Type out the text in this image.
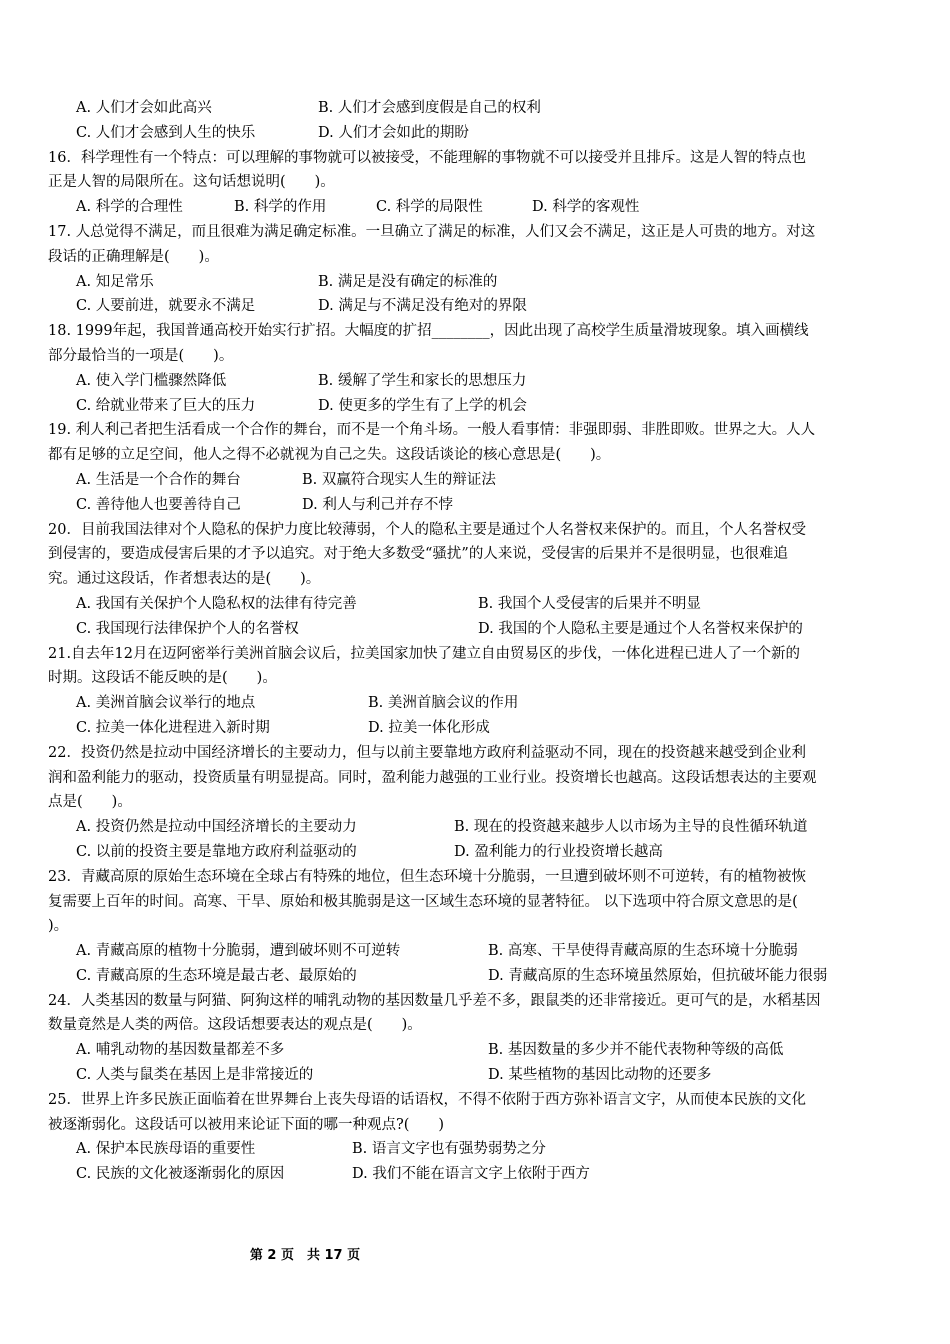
A. 人们才会如此高兴	B. 人们才会感到度假是自己的权利
C. 人们才会感到人生的快乐	D. 人们才会如此的期盼
16．科学理性有一个特点：可以理解的事物就可以被接受，不能理解的事物就不可以接受并且排斥。这是人智的特点也
正是人智的局限所在。这句话想说明(　　)。
A. 科学的合理性	B. 科学的作用	C. 科学的局限性	D. 科学的客观性
17. 人总觉得不满足，而且很难为满足确定标准。一旦确立了满足的标准，人们又会不满足，这正是人可贵的地方。对这
段话的正确理解是(　　)。
A. 知足常乐	B. 满足是没有确定的标准的
C. 人要前进，就要永不满足	D. 满足与不满足没有绝对的界限
18. 1999年起，我国普通高校开始实行扩招。大幅度的扩招________，因此出现了高校学生质量滑坡现象。填入画横线
部分最恰当的一项是(　　)。
A. 使入学门槛骤然降低	B. 缓解了学生和家长的思想压力
C. 给就业带来了巨大的压力	D. 使更多的学生有了上学的机会
19. 利人利己者把生活看成一个合作的舞台，而不是一个角斗场。一般人看事情：非强即弱、非胜即败。世界之大。人人
都有足够的立足空间，他人之得不必就视为自己之失。这段话谈论的核心意思是(　　)。
A. 生活是一个合作的舞台	B. 双赢符合现实人生的辩证法
C. 善待他人也要善待自己	D. 利人与利己并存不悖
20．目前我国法律对个人隐私的保护力度比较薄弱，个人的隐私主要是通过个人名誉权来保护的。而且，个人名誉权受
到侵害的，要造成侵害后果的才予以追究。对于绝大多数受“骚扰”的人来说，受侵害的后果并不是很明显，也很难追
究。通过这段话，作者想表达的是(　　)。
A. 我国有关保护个人隐私权的法律有待完善	B. 我国个人受侵害的后果并不明显
C. 我国现行法律保护个人的名誉权	D. 我国的个人隐私主要是通过个人名誉权来保护的
21.自去年12月在迈阿密举行美洲首脑会议后，拉美国家加快了建立自由贸易区的步伐，一体化进程已进人了一个新的
时期。这段话不能反映的是(　　)。
A. 美洲首脑会议举行的地点	B. 美洲首脑会议的作用
C. 拉美一体化进程进入新时期	D. 拉美一体化形成
22．投资仍然是拉动中国经济增长的主要动力，但与以前主要靠地方政府利益驱动不同，现在的投资越来越受到企业利
润和盈利能力的驱动，投资质量有明显提高。同时，盈利能力越强的工业行业。投资增长也越高。这段话想表达的主要观
点是(　　)。
A. 投资仍然是拉动中国经济增长的主要动力	B. 现在的投资越来越步人以市场为主导的良性循环轨道
C. 以前的投资主要是靠地方政府利益驱动的	D. 盈利能力的行业投资增长越高
23．青藏高原的原始生态环境在全球占有特殊的地位，但生态环境十分脆弱，一旦遭到破坏则不可逆转，有的植物被恢
复需要上百年的时间。高寒、干旱、原始和极其脆弱是这一区域生态环境的显著特征。 以下选项中符合原文意思的是(
)。
A. 青藏高原的植物十分脆弱，遭到破坏则不可逆转	B. 高寒、干旱使得青藏高原的生态环境十分脆弱
C. 青藏高原的生态环境是最古老、最原始的	D. 青藏高原的生态环境虽然原始，但抗破坏能力很弱
24．人类基因的数量与阿猫、阿狗这样的哺乳动物的基因数量几乎差不多，跟鼠类的还非常接近。更可气的是，水稻基因
数量竟然是人类的两倍。这段话想要表达的观点是(　　)。
A. 哺乳动物的基因数量都差不多	B. 基因数量的多少并不能代表物种等级的高低
C. 人类与鼠类在基因上是非常接近的	D. 某些植物的基因比动物的还要多
25．世界上许多民族正面临着在世界舞台上丧失母语的话语权，不得不依附于西方弥补语言文字，从而使本民族的文化
被逐渐弱化。这段话可以被用来论证下面的哪一种观点?(　　)
A. 保护本民族母语的重要性	B. 语言文字也有强势弱势之分
C. 民族的文化被逐渐弱化的原因	D. 我们不能在语言文字上依附于西方
第 2 页　共 17 页
